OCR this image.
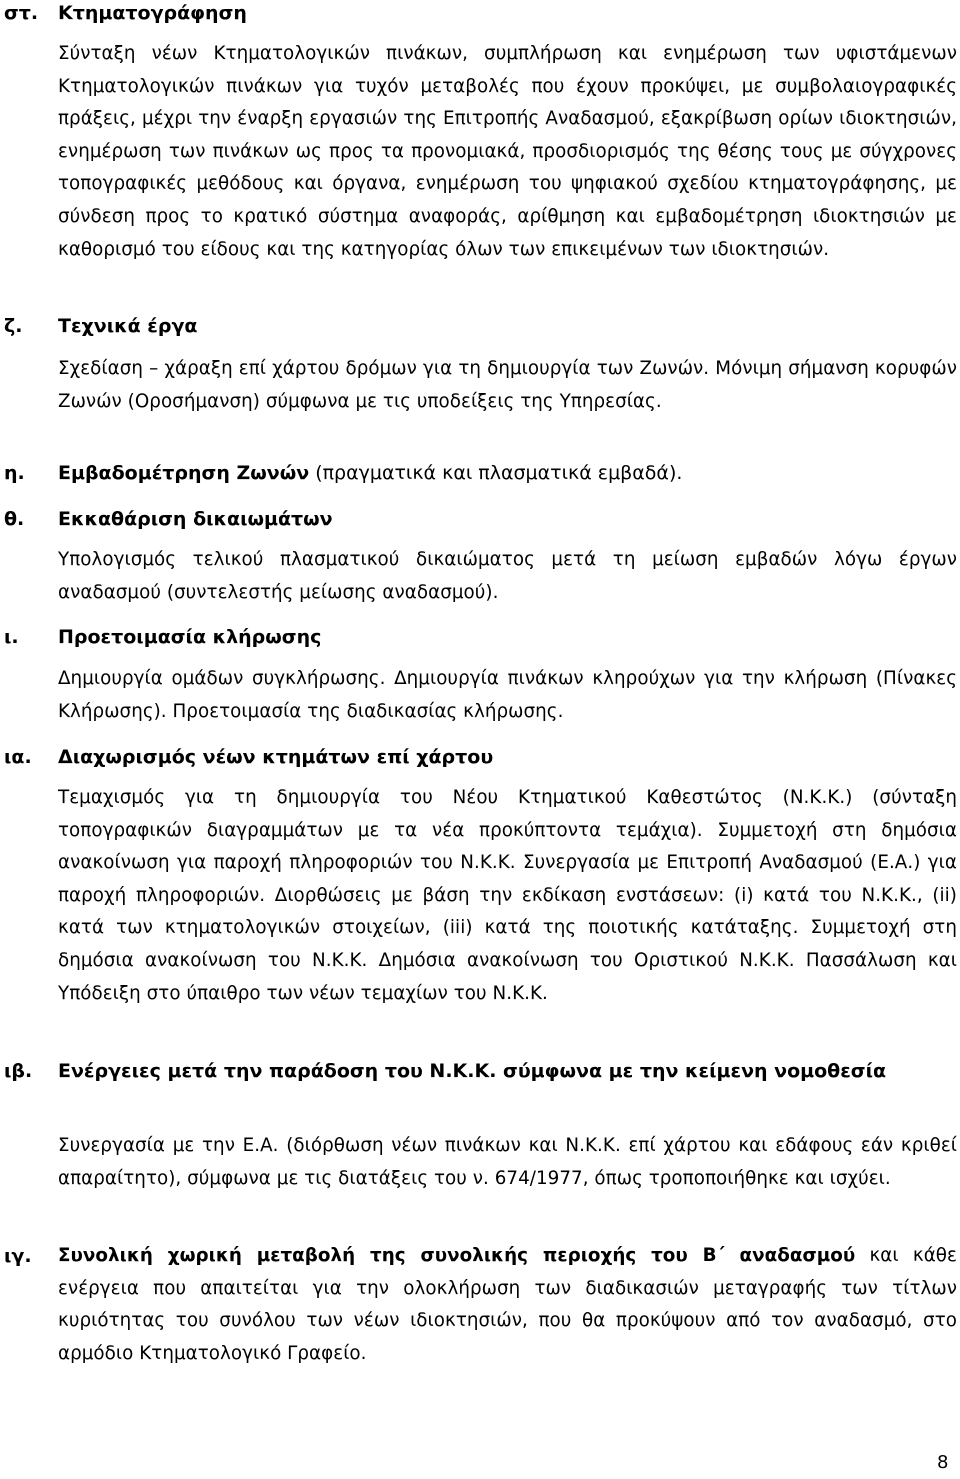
στ. Κτηματογράφηση
Σύνταξη νέων Κτηματολογικών πινάκων, συμπλήρωση και ενημέρωση των υφιστάμενων Κτηματολογικών πινάκων για τυχόν μεταβολές που έχουν προκύψει, με συμβολαιογραφικές πράξεις, μέχρι την έναρξη εργασιών της Επιτροπής Αναδασμού, εξακρίβωση ορίων ιδιοκτησιών, ενημέρωση των πινάκων ως προς τα προνομιακά, προσδιορισμός της θέσης τους με σύγχρονες τοπογραφικές μεθόδους και όργανα, ενημέρωση του ψηφιακού σχεδίου κτηματογράφησης, με σύνδεση προς το κρατικό σύστημα αναφοράς, αρίθμηση και εμβαδομέτρηση ιδιοκτησιών με καθορισμό του είδους και της κατηγορίας όλων των επικειμένων των ιδιοκτησιών.
ζ. Τεχνικά έργα
Σχεδίαση – χάραξη επί χάρτου δρόμων για τη δημιουργία των Ζωνών. Μόνιμη σήμανση κορυφών Ζωνών (Οροσήμανση) σύμφωνα με τις υποδείξεις της Υπηρεσίας.
η. Εμβαδομέτρηση Ζωνών (πραγματικά και πλασματικά εμβαδά).
θ. Εκκαθάριση δικαιωμάτων
Υπολογισμός τελικού πλασματικού δικαιώματος μετά τη μείωση εμβαδών λόγω έργων αναδασμού (συντελεστής μείωσης αναδασμού).
ι. Προετοιμασία κλήρωσης
Δημιουργία ομάδων συγκλήρωσης. Δημιουργία πινάκων κληρούχων για την κλήρωση (Πίνακες Κλήρωσης). Προετοιμασία της διαδικασίας κλήρωσης.
ια. Διαχωρισμός νέων κτημάτων επί χάρτου
Τεμαχισμός για τη δημιουργία του Νέου Κτηματικού Καθεστώτος (Ν.Κ.Κ.) (σύνταξη τοπογραφικών διαγραμμάτων με τα νέα προκύπτοντα τεμάχια). Συμμετοχή στη δημόσια ανακοίνωση για παροχή πληροφοριών του Ν.Κ.Κ. Συνεργασία με Επιτροπή Αναδασμού (Ε.Α.) για παροχή πληροφοριών. Διορθώσεις με βάση την εκδίκαση ενστάσεων: (i) κατά του Ν.Κ.Κ., (ii) κατά των κτηματολογικών στοιχείων, (iii) κατά της ποιοτικής κατάταξης. Συμμετοχή στη δημόσια ανακοίνωση του Ν.Κ.Κ. Δημόσια ανακοίνωση του Οριστικού Ν.Κ.Κ. Πασσάλωση και Υπόδειξη στο ύπαιθρο των νέων τεμαχίων του Ν.Κ.Κ.
ιβ. Ενέργειες μετά την παράδοση του Ν.Κ.Κ. σύμφωνα με την κείμενη νομοθεσία
Συνεργασία με την Ε.Α. (διόρθωση νέων πινάκων και Ν.Κ.Κ. επί χάρτου και εδάφους εάν κριθεί απαραίτητο), σύμφωνα με τις διατάξεις του ν. 674/1977, όπως τροποποιήθηκε και ισχύει.
ιγ. Συνολική χωρική μεταβολή της συνολικής περιοχής του Β΄ αναδασμού και κάθε ενέργεια που απαιτείται για την ολοκλήρωση των διαδικασιών μεταγραφής των τίτλων κυριότητας του συνόλου των νέων ιδιοκτησιών, που θα προκύψουν από τον αναδασμό, στο αρμόδιο Κτηματολογικό Γραφείο.
8
